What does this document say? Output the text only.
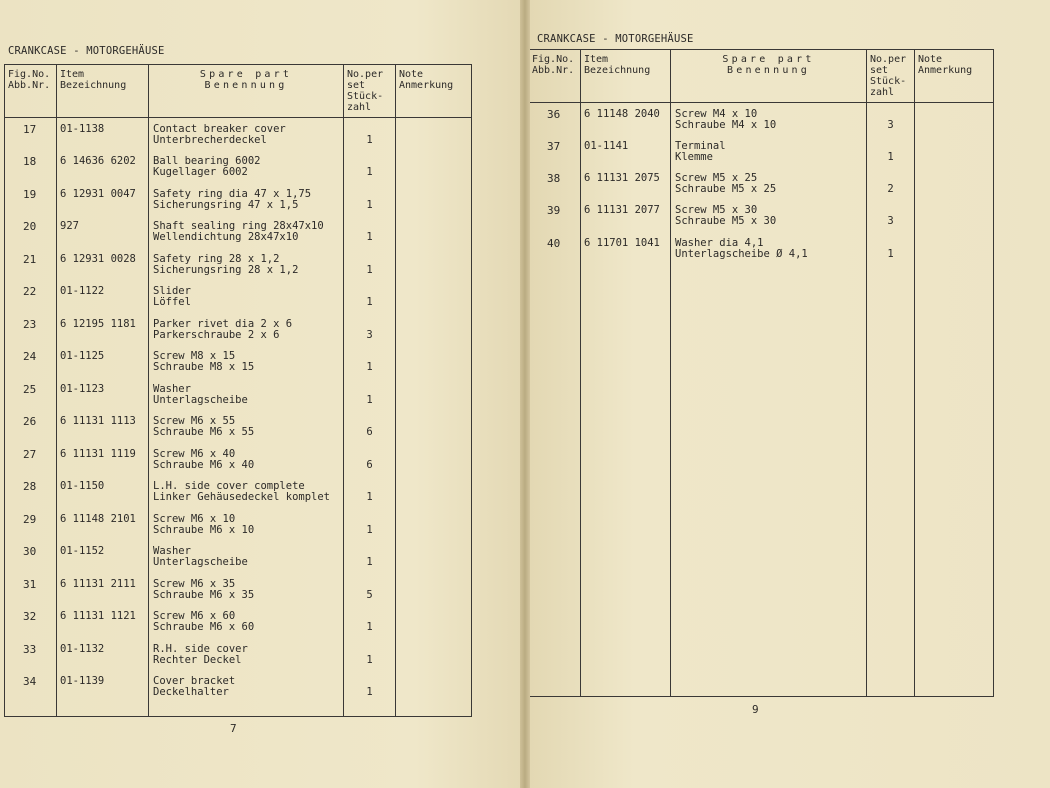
CRANKCASE - MOTORGEHÄUSE
Fig.No.
Abb.Nr.	Item
Bezeichnung	Spare part
Benennung	No.per
set
Stück-
zahl	Note
Anmerkung

17	01-1138	Contact breaker cover
Unterbrecherdeckel	1	

18	6 14636 6202	Ball bearing 6002
Kugellager 6002	1	

19	6 12931 0047	Safety ring dia 47 x 1,75
Sicherungsring 47 x 1,5	1	

20	927	Shaft sealing ring 28x47x10
Wellendichtung 28x47x10	1	

21	6 12931 0028	Safety ring 28 x 1,2
Sicherungsring 28 x 1,2	1	

22	01-1122	Slider
Löffel	1	

23	6 12195 1181	Parker rivet dia 2 x 6
Parkerschraube 2 x 6	3	

24	01-1125	Screw M8 x 15
Schraube M8 x 15	1	

25	01-1123	Washer
Unterlagscheibe	1	

26	6 11131 1113	Screw M6 x 55
Schraube M6 x 55	6	

27	6 11131 1119	Screw M6 x 40
Schraube M6 x 40	6	

28	01-1150	L.H. side cover complete
Linker Gehäusedeckel komplet	1	

29	6 11148 2101	Screw M6 x 10
Schraube M6 x 10	1	

30	01-1152	Washer
Unterlagscheibe	1	

31	6 11131 2111	Screw M6 x 35
Schraube M6 x 35	5	

32	6 11131 1121	Screw M6 x 60
Schraube M6 x 60	1	

33	01-1132	R.H. side cover
Rechter Deckel	1	

34	01-1139	Cover bracket
Deckelhalter	1	

7
CRANKCASE - MOTORGEHÄUSE
Fig.No.
Abb.Nr.	Item
Bezeichnung	Spare part
Benennung	No.per
set
Stück-
zahl	Note
Anmerkung

36	6 11148 2040	Screw M4 x 10
Schraube M4 x 10	3	

37	01-1141	Terminal
Klemme	1	

38	6 11131 2075	Screw M5 x 25
Schraube M5 x 25	2	

39	6 11131 2077	Screw M5 x 30
Schraube M5 x 30	3	

40	6 11701 1041	Washer dia 4,1
Unterlagscheibe Ø 4,1	1	

9
